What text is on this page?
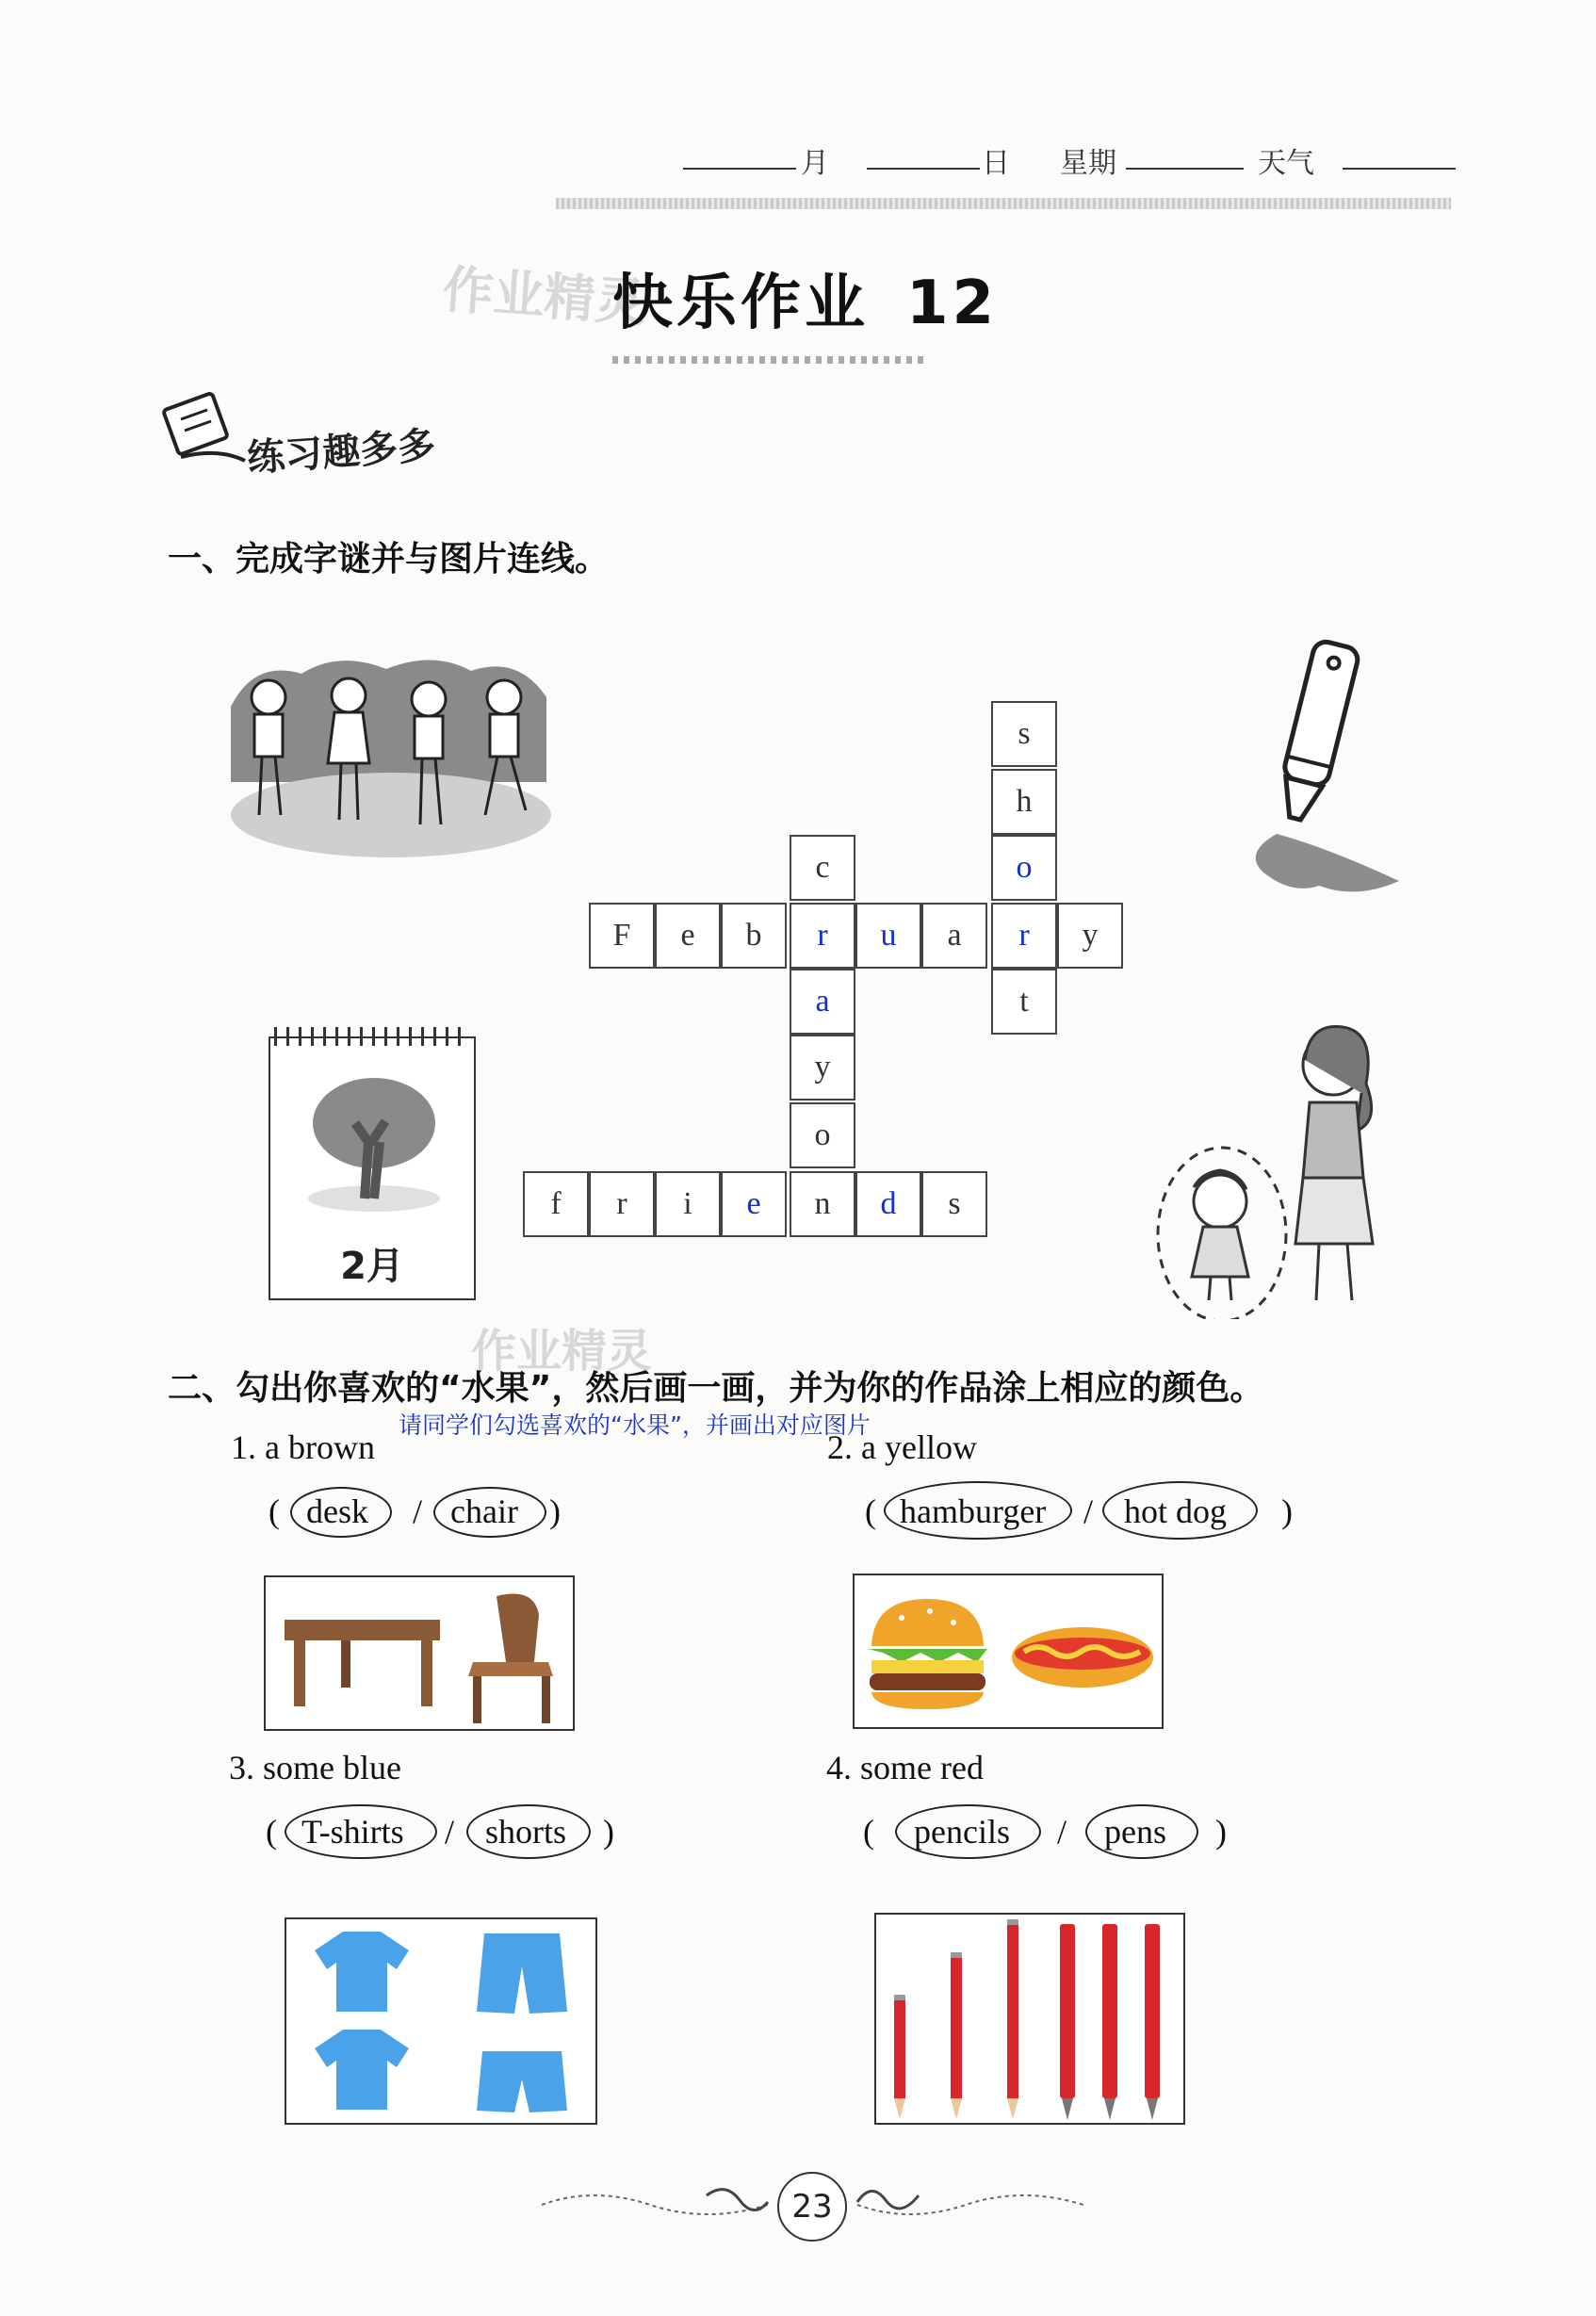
月	日 星期	天气
作业精灵
快乐作业 12
练习趣多多
一、完成字谜并与图片连线。
2月
F	e	b	r	u	a	r	y
s
h
o
t
c
a
y
o
f	r	i	e	n	d	s
作业精灵
二、勾出你喜欢的“水果”，然后画一画，并为你的作品涂上相应的颜色。
请同学们勾选喜欢的“水果”，并画出对应图片
1. a brown
( desk / chair )
2. a yellow
( hamburger / hot dog )
3. some blue
( T-shirts / shorts )
4. some red
( pencils / pens )
23
